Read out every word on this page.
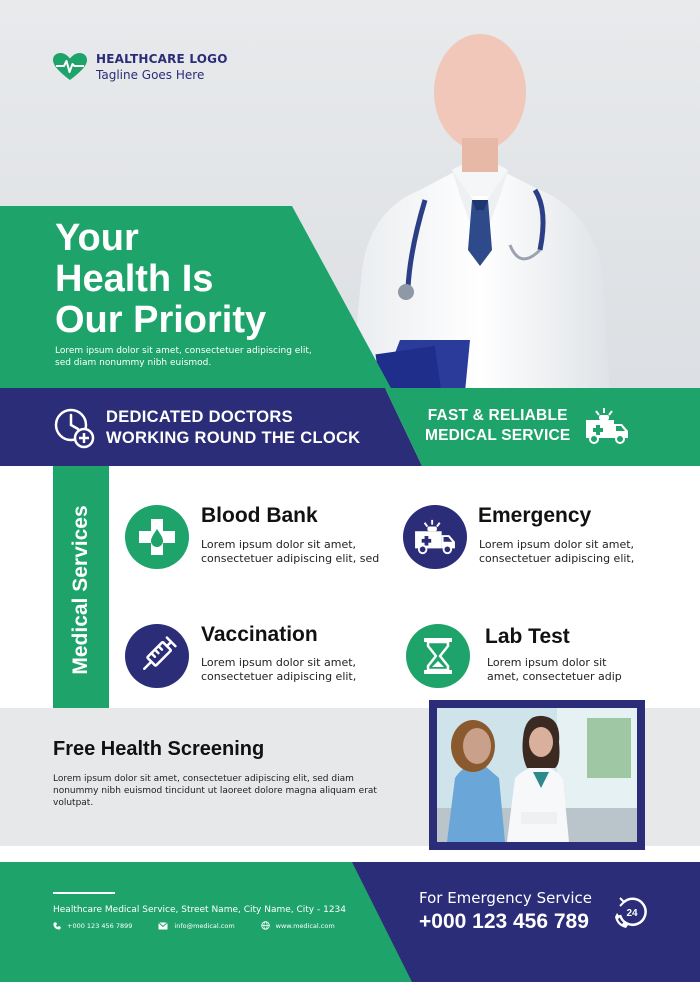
HEALTHCARE LOGO
Tagline Goes Here
Your
Health Is
Our Priority
Lorem ipsum dolor sit amet, consectetuer adipiscing elit,
sed diam nonummy nibh euismod.
DEDICATED DOCTORS
WORKING ROUND THE CLOCK
FAST & RELIABLE
MEDICAL SERVICE
Medical Services	Blood Bank
Lorem ipsum dolor sit amet,
consectetuer adipiscing elit, sed
Emergency
Lorem ipsum dolor sit amet,
consectetuer adipiscing elit,
Vaccination
Lorem ipsum dolor sit amet,
consectetuer adipiscing elit,
Lab Test
Lorem ipsum dolor sit
amet, consectetuer adip
Free Health Screening
Lorem ipsum dolor sit amet, consectetuer adipiscing elit, sed diam nonummy nibh euismod tincidunt ut laoreet dolore magna aliquam erat volutpat.
Healthcare Medical Service, Street Name, City Name, City - 1234
+000 123 456 7899	info@medical.com	www.medical.com
For Emergency Service
+000 123 456 789	24
